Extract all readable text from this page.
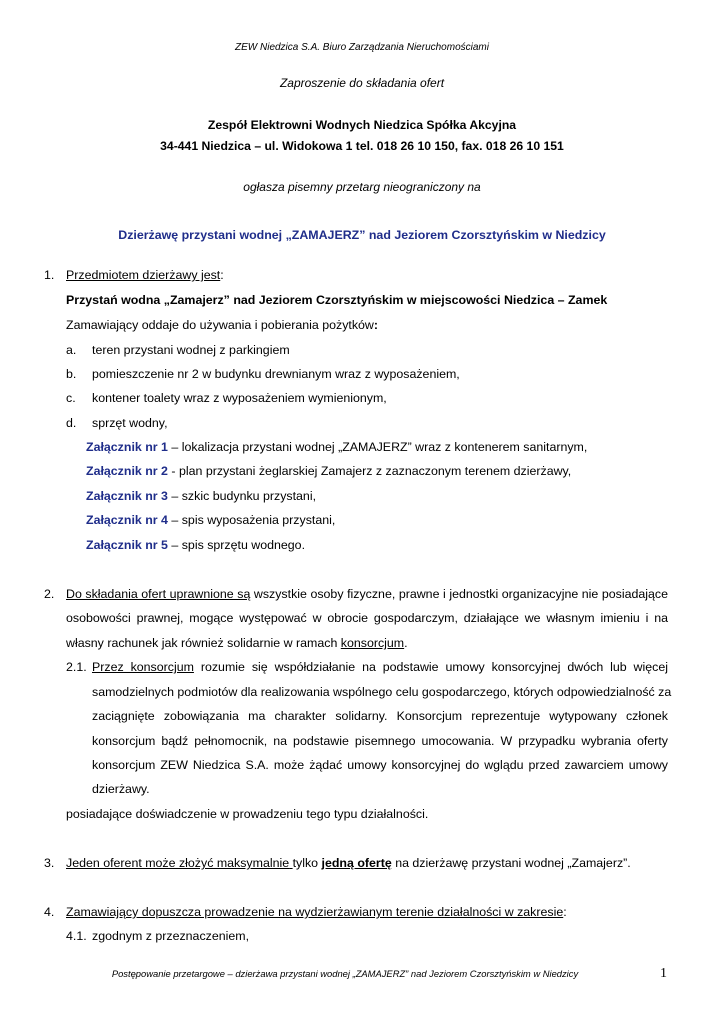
ZEW Niedzica S.A. Biuro Zarządzania Nieruchomościami
Zaproszenie do składania ofert
Zespół Elektrowni Wodnych Niedzica Spółka Akcyjna
34-441 Niedzica – ul. Widokowa 1 tel. 018 26 10 150, fax. 018 26 10 151
ogłasza pisemny przetarg nieograniczony na
Dzierżawę przystani wodnej „ZAMAJERZ” nad Jeziorem Czorsztyńskim w Niedzicy
1. Przedmiotem dzierżawy jest:
Przystań wodna „Zamajerz” nad Jeziorem Czorsztyńskim w miejscowości Niedzica – Zamek
Zamawiający oddaje do używania i pobierania pożytków:
a. teren przystani wodnej z parkingiem
b. pomieszczenie nr 2 w budynku drewnianym wraz z wyposażeniem,
c. kontener toalety wraz z wyposażeniem wymienionym,
d. sprzęt wodny,
Załącznik nr 1 – lokalizacja przystani wodnej „ZAMAJERZ” wraz z kontenerem sanitarnym,
Załącznik nr 2 - plan przystani żeglarskiej Zamajerz z zaznaczonym terenem dzierżawy,
Załącznik nr 3 – szkic budynku przystani,
Załącznik nr 4 – spis wyposażenia przystani,
Załącznik nr 5 – spis sprzętu wodnego.
2. Do składania ofert uprawnione są wszystkie osoby fizyczne, prawne i jednostki organizacyjne nie posiadające
osobowości prawnej, mogące występować w obrocie gospodarczym, działające we własnym imieniu i na
własny rachunek jak również solidarnie w ramach konsorcjum.
2.1. Przez konsorcjum rozumie się współdziałanie na podstawie umowy konsorcyjnej dwóch lub więcej
samodzielnych podmiotów dla realizowania wspólnego celu gospodarczego, których odpowiedzialność za
zaciągnięte zobowiązania ma charakter solidarny. Konsorcjum reprezentuje wytypowany członek
konsorcjum bądź pełnomocnik, na podstawie pisemnego umocowania. W przypadku wybrania oferty
konsorcjum ZEW Niedzica S.A. może żądać umowy konsorcyjnej do wglądu przed zawarciem umowy
dzierżawy.
posiadające doświadczenie w prowadzeniu tego typu działalności.
3. Jeden oferent może złożyć maksymalnie tylko jedną ofertę na dzierżawę przystani wodnej „Zamajerz”.
4. Zamawiający dopuszcza prowadzenie na wydzierżawianym terenie działalności w zakresie:
4.1. zgodnym z przeznaczeniem,
Postępowanie przetargowe – dzierżawa przystani wodnej „ZAMAJERZ” nad Jeziorem Czorsztyńskim w Niedzicy	1
